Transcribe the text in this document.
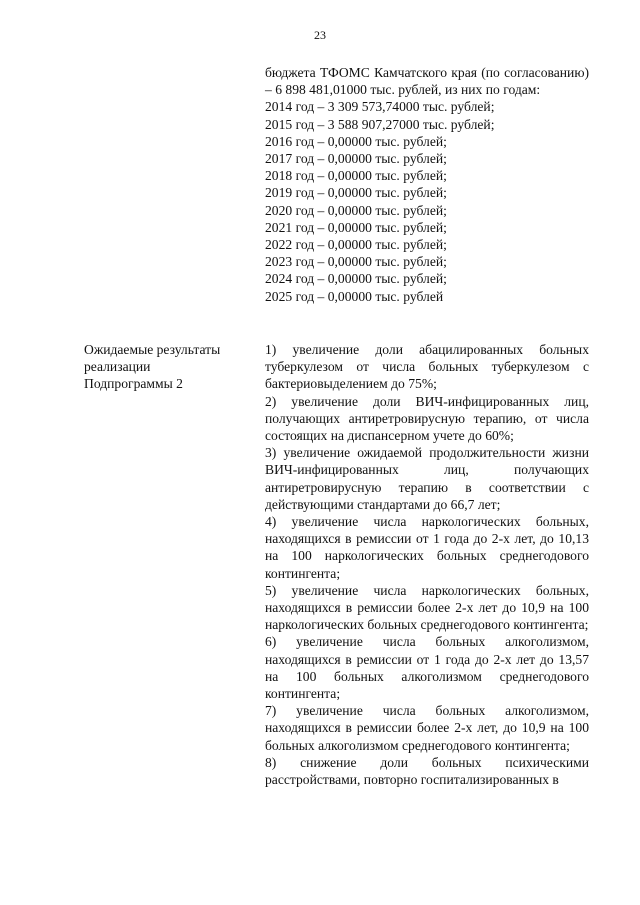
23

бюджета ТФОМС Камчатского края (по согласованию) – 6 898 481,01000 тыс. рублей, из них по годам:

2014 год – 3 309 573,74000 тыс. рублей;
2015 год – 3 588 907,27000 тыс. рублей;
2016 год – 0,00000 тыс. рублей;
2017 год – 0,00000 тыс. рублей;
2018 год – 0,00000 тыс. рублей;
2019 год – 0,00000 тыс. рублей;
2020 год – 0,00000 тыс. рублей;
2021 год – 0,00000 тыс. рублей;
2022 год – 0,00000 тыс. рублей;
2023 год – 0,00000 тыс. рублей;
2024 год – 0,00000 тыс. рублей;
2025 год – 0,00000 тыс. рублей
Ожидаемые результаты
реализации
Подпрограммы 2

1) увеличение доли абацилированных больных туберкулезом от числа больных туберкулезом с бактериовыделением до 75%;

2) увеличение доли ВИЧ-инфицированных лиц, получающих антиретровирусную терапию, от числа состоящих на диспансерном учете до 60%;

3) увеличение ожидаемой продолжительности жизни ВИЧ-инфицированных лиц, получающих антиретровирусную терапию в соответствии с действующими стандартами до 66,7 лет;

4) увеличение числа наркологических больных, находящихся в ремиссии от 1 года до 2-х лет, до 10,13 на 100 наркологических больных среднегодового контингента;

5) увеличение числа наркологических больных, находящихся в ремиссии более 2-х лет до 10,9 на 100 наркологических больных среднегодового контингента;

6) увеличение числа больных алкоголизмом, находящихся в ремиссии от 1 года до 2-х лет до 13,57 на 100 больных алкоголизмом среднегодового контингента;

7) увеличение числа больных алкоголизмом, находящихся в ремиссии более 2-х лет, до 10,9 на 100 больных алкоголизмом среднегодового контингента;

8) снижение доли больных психическими расстройствами, повторно госпитализированных в
